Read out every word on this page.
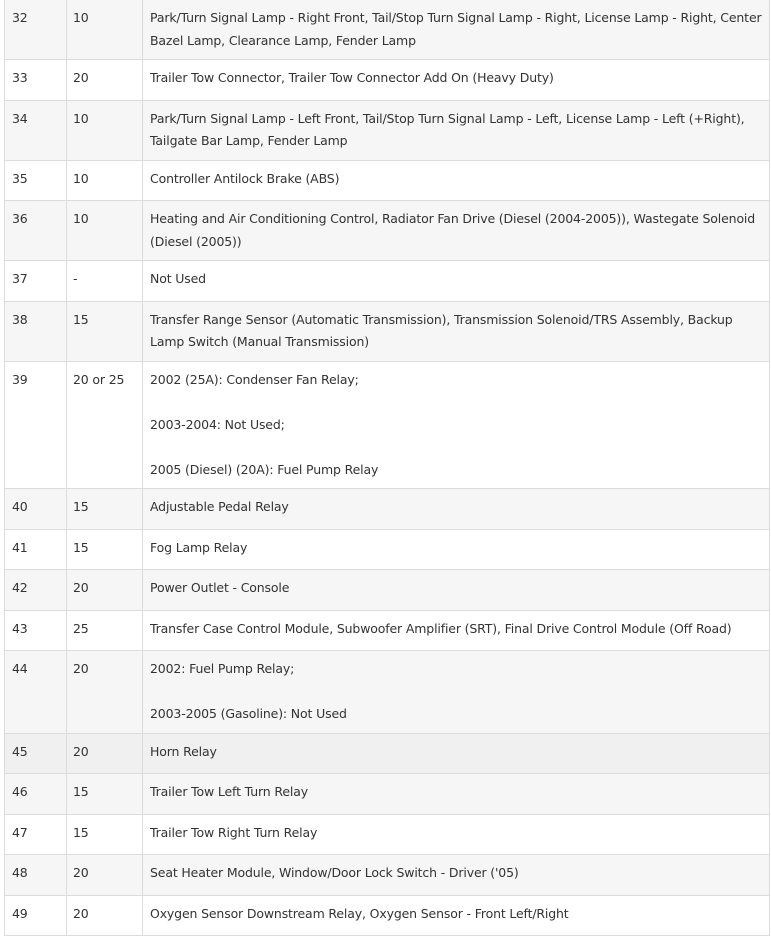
32	10	Park/Turn Signal Lamp - Right Front, Tail/Stop Turn Signal Lamp - Right, License Lamp - Right, Center Bazel Lamp, Clearance Lamp, Fender Lamp

33	20	Trailer Tow Connector, Trailer Tow Connector Add On (Heavy Duty)

34	10	Park/Turn Signal Lamp - Left Front, Tail/Stop Turn Signal Lamp - Left, License Lamp - Left (+Right), Tailgate Bar Lamp, Fender Lamp

35	10	Controller Antilock Brake (ABS)

36	10	Heating and Air Conditioning Control, Radiator Fan Drive (Diesel (2004-2005)), Wastegate Solenoid (Diesel (2005))

37	-	Not Used

38	15	Transfer Range Sensor (Automatic Transmission), Transmission Solenoid/TRS Assembly, Backup Lamp Switch (Manual Transmission)

39	20 or 25	2002 (25A): Condenser Fan Relay;
2003-2004: Not Used;
2005 (Diesel) (20A): Fuel Pump Relay

40	15	Adjustable Pedal Relay

41	15	Fog Lamp Relay

42	20	Power Outlet - Console

43	25	Transfer Case Control Module, Subwoofer Amplifier (SRT), Final Drive Control Module (Off Road)

44	20	2002: Fuel Pump Relay;
2003-2005 (Gasoline): Not Used

45	20	Horn Relay

46	15	Trailer Tow Left Turn Relay

47	15	Trailer Tow Right Turn Relay

48	20	Seat Heater Module, Window/Door Lock Switch - Driver ('05)

49	20	Oxygen Sensor Downstream Relay, Oxygen Sensor - Front Left/Right
